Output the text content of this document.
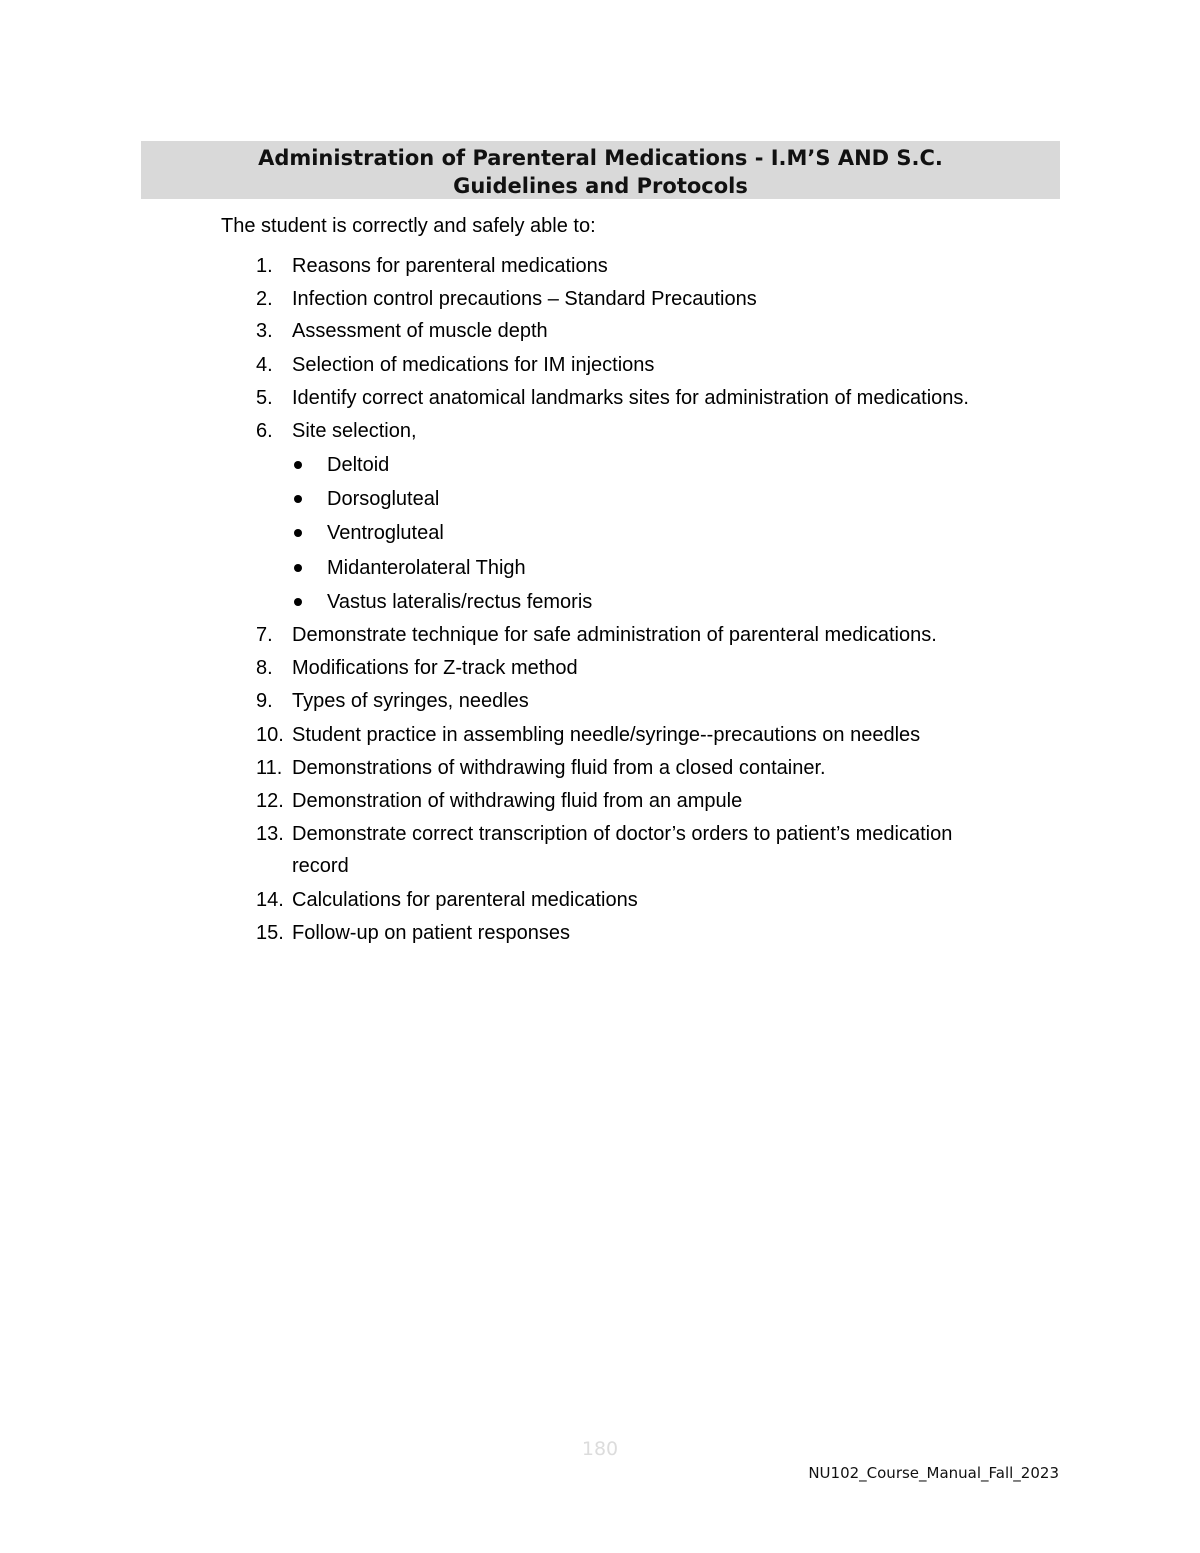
Administration of Parenteral Medications - I.M’S AND S.C.
Guidelines and Protocols
The student is correctly and safely able to:
1. Reasons for parenteral medications
2. Infection control precautions – Standard Precautions
3. Assessment of muscle depth
4. Selection of medications for IM injections
5. Identify correct anatomical landmarks sites for administration of medications.
6. Site selection,
Deltoid
Dorsogluteal
Ventrogluteal
Midanterolateral Thigh
Vastus lateralis/rectus femoris
7. Demonstrate technique for safe administration of parenteral medications.
8. Modifications for Z-track method
9. Types of syringes, needles
10. Student practice in assembling needle/syringe--precautions on needles
11. Demonstrations of withdrawing fluid from a closed container.
12. Demonstration of withdrawing fluid from an ampule
13. Demonstrate correct transcription of doctor’s orders to patient’s medication
record
14. Calculations for parenteral medications
15. Follow-up on patient responses
180
NU102_Course_Manual_Fall_2023
